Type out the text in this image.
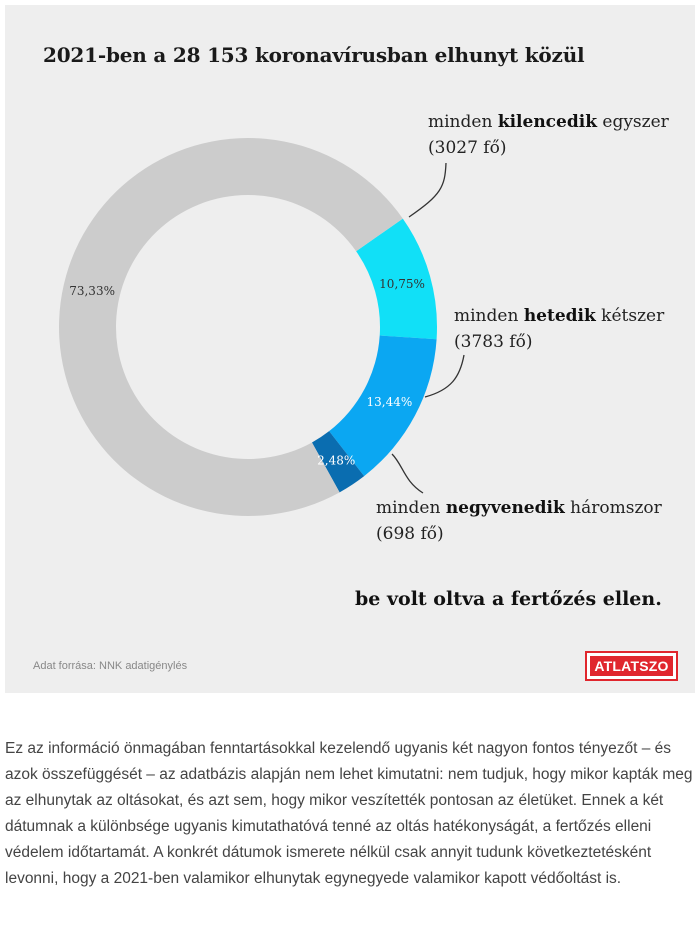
2021-ben a 28 153 koronavírusban elhunyt közül
10,75%
13,44%
2,48%
73,33%
minden kilencedik egyszer
(3027 fő)
minden hetedik kétszer
(3783 fő)
minden negyvenedik háromszor
(698 fő)
be volt oltva a fertőzés ellen.
Adat forrása: NNK adatigénylés	ATLATSZO

Ez az információ önmagában fenntartásokkal kezelendő ugyanis két nagyon fontos tényezőt – és azok összefüggését – az adatbázis alapján nem lehet kimutatni: nem tudjuk, hogy mikor kapták meg az elhunytak az oltásokat, és azt sem, hogy mikor veszítették pontosan az életüket. Ennek a két dátumnak a különbsége ugyanis kimutathatóvá tenné az oltás hatékonyságát, a fertőzés elleni védelem időtartamát. A konkrét dátumok ismerete nélkül csak annyit tudunk következtetésként levonni, hogy a 2021-ben valamikor elhunytak egynegyede valamikor kapott védőoltást is.
